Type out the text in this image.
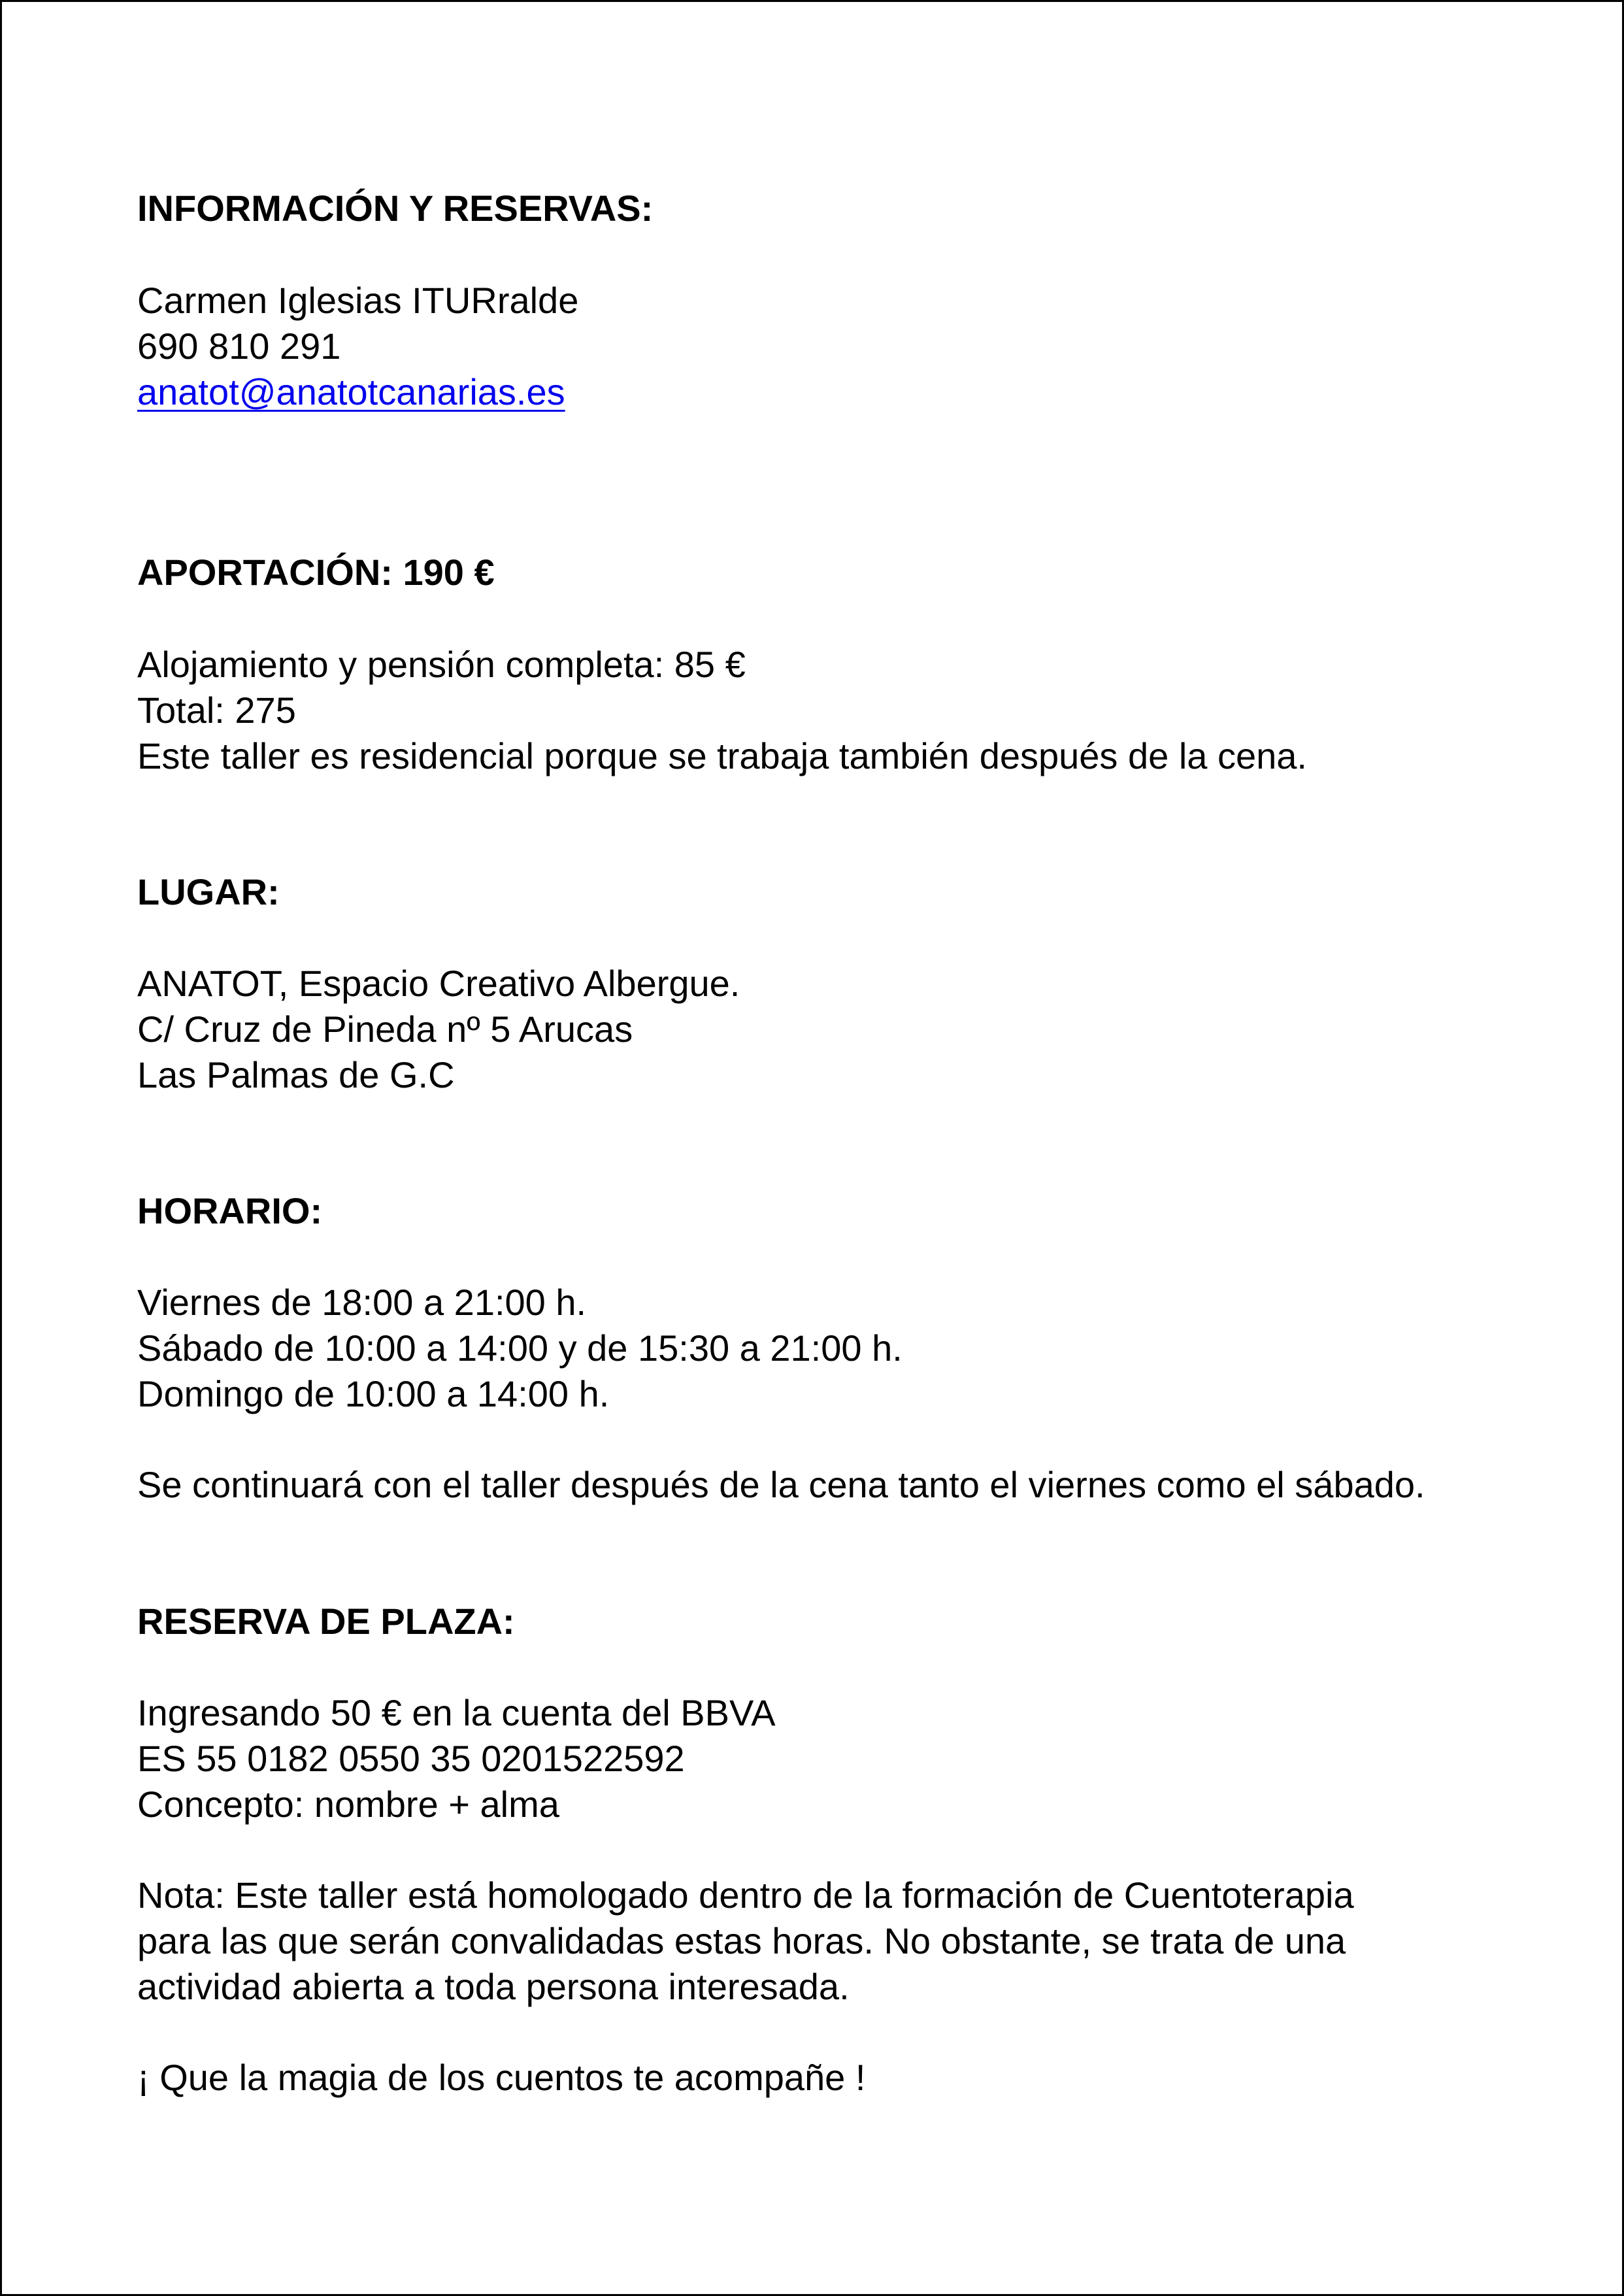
INFORMACIÓN Y RESERVAS:
Carmen Iglesias ITURralde
690 810 291
anatot@anatotcanarias.es
APORTACIÓN: 190 €
Alojamiento y pensión completa: 85 €
Total: 275
Este taller es residencial porque se trabaja también después de la cena.
LUGAR:
ANATOT, Espacio Creativo Albergue.
C/ Cruz de Pineda nº 5 Arucas
Las Palmas de G.C
HORARIO:
Viernes de 18:00 a 21:00 h.
Sábado de 10:00 a 14:00 y de 15:30 a 21:00 h.
Domingo de 10:00 a 14:00 h.
Se continuará con el taller después de la cena tanto el viernes como el sábado.
RESERVA DE PLAZA:
Ingresando 50 € en la cuenta del BBVA
ES 55 0182 0550 35 0201522592
Concepto: nombre + alma
Nota: Este taller está homologado dentro de la formación de Cuentoterapia
para las que serán convalidadas estas horas. No obstante, se trata de una
actividad abierta a toda persona interesada.
¡ Que la magia de los cuentos te acompañe !
